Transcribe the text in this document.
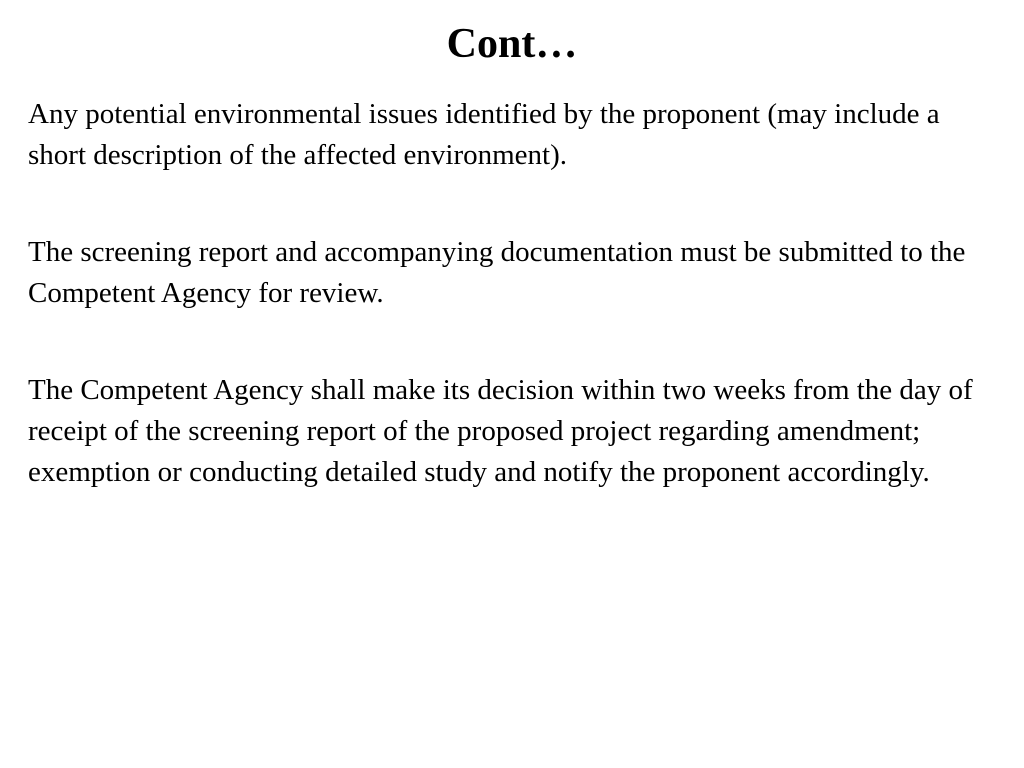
Cont…

Any potential environmental issues identified by the proponent (may include a short description of the affected environment).

The screening report and accompanying documentation must be submitted to the Competent Agency for review.

The Competent Agency shall make its decision within two weeks from the day of receipt of the screening report of the proposed project regarding amendment; exemption or conducting detailed study and notify the proponent accordingly.
